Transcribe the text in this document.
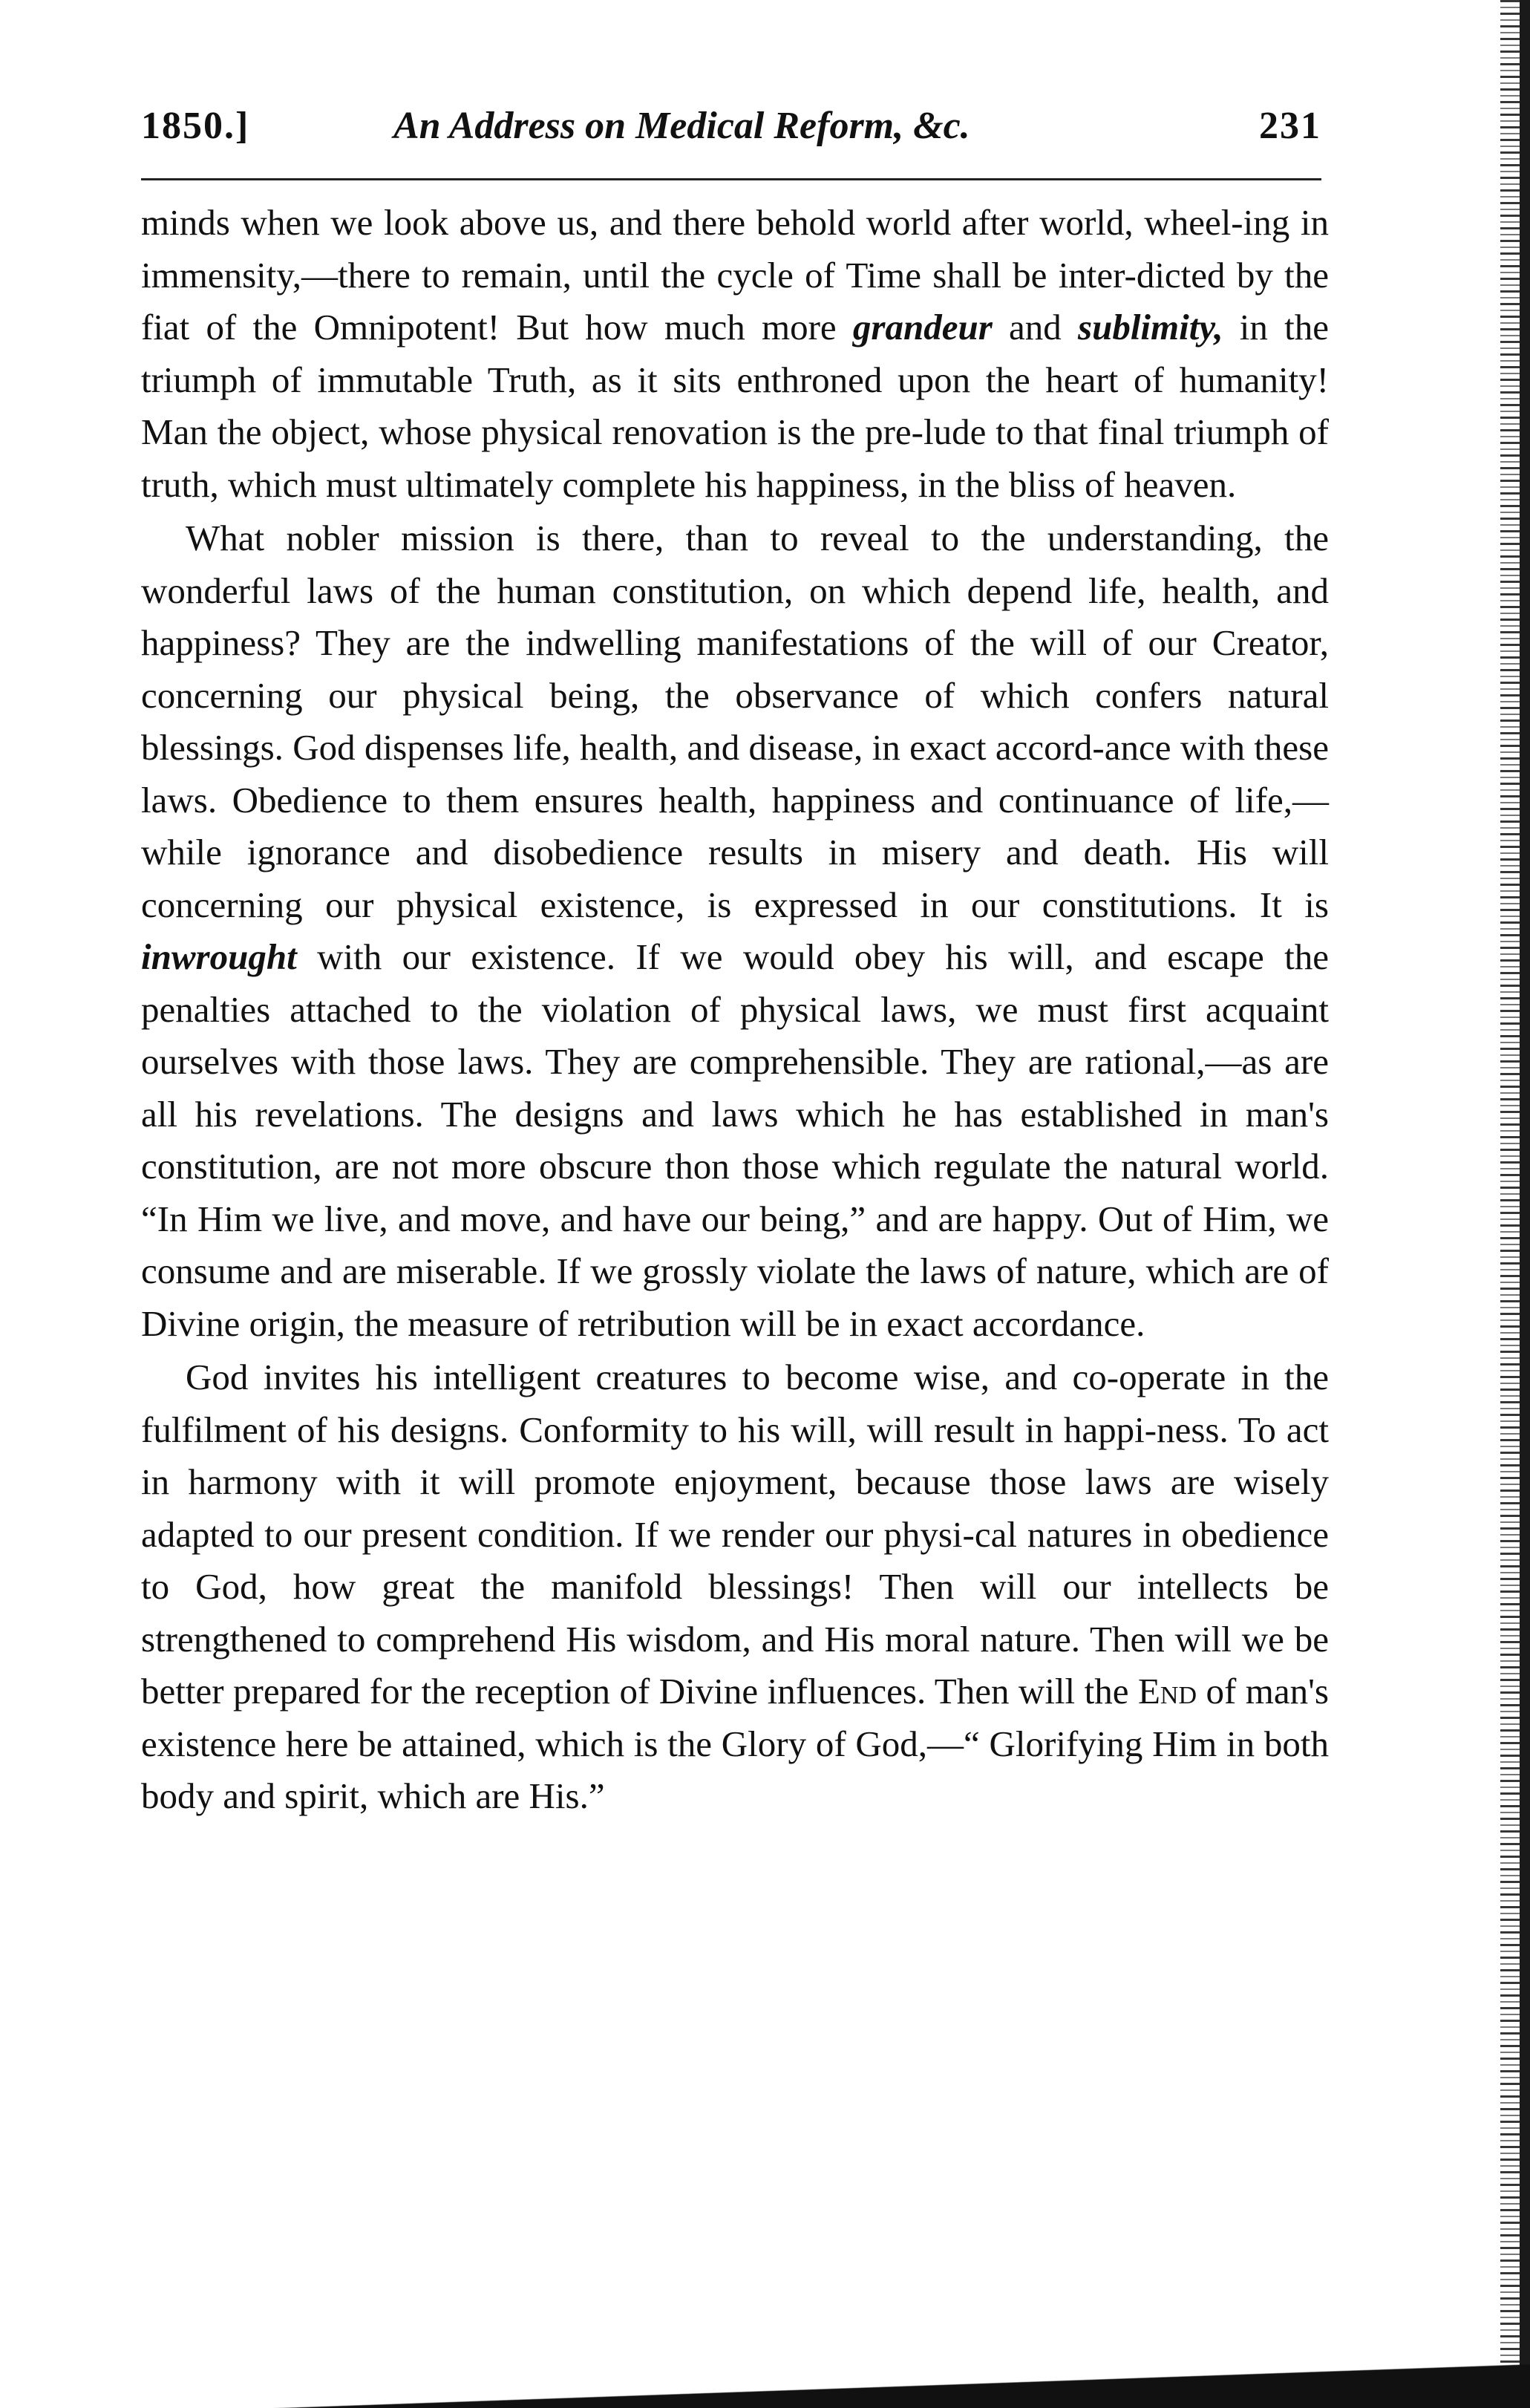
1850.]	An Address on Medical Reform, &c.	231

minds when we look above us, and there behold world after world, wheel-ing in immensity,—there to remain, until the cycle of Time shall be inter-dicted by the fiat of the Omnipotent! But how much more grandeur and sublimity, in the triumph of immutable Truth, as it sits enthroned upon the heart of humanity! Man the object, whose physical renovation is the pre-lude to that final triumph of truth, which must ultimately complete his happiness, in the bliss of heaven.

What nobler mission is there, than to reveal to the understanding, the wonderful laws of the human constitution, on which depend life, health, and happiness? They are the indwelling manifestations of the will of our Creator, concerning our physical being, the observance of which confers natural blessings. God dispenses life, health, and disease, in exact accord-ance with these laws. Obedience to them ensures health, happiness and continuance of life,—while ignorance and disobedience results in misery and death. His will concerning our physical existence, is expressed in our constitutions. It is inwrought with our existence. If we would obey his will, and escape the penalties attached to the violation of physical laws, we must first acquaint ourselves with those laws. They are comprehensible. They are rational,—as are all his revelations. The designs and laws which he has established in man's constitution, are not more obscure thon those which regulate the natural world. “In Him we live, and move, and have our being,” and are happy. Out of Him, we consume and are miserable. If we grossly violate the laws of nature, which are of Divine origin, the measure of retribution will be in exact accordance.

God invites his intelligent creatures to become wise, and co-operate in the fulfilment of his designs. Conformity to his will, will result in happi-ness. To act in harmony with it will promote enjoyment, because those laws are wisely adapted to our present condition. If we render our physi-cal natures in obedience to God, how great the manifold blessings! Then will our intellects be strengthened to comprehend His wisdom, and His moral nature. Then will we be better prepared for the reception of Divine influences. Then will the End of man's existence here be attained, which is the Glory of God,—“ Glorifying Him in both body and spirit, which are His.”
